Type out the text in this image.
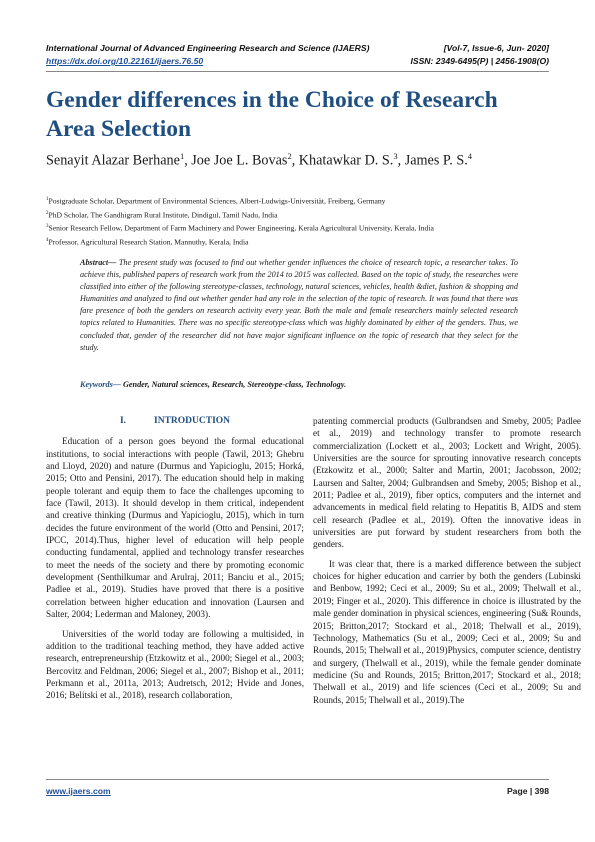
International Journal of Advanced Engineering Research and Science (IJAERS)	[Vol-7, Issue-6, Jun- 2020]
https://dx.doi.org/10.22161/ijaers.76.50	ISSN: 2349-6495(P) | 2456-1908(O)
Gender differences in the Choice of Research Area Selection
Senayit Alazar Berhane$^1$, Joe Joe L. Bovas$^2$, Khatawkar D. S.$^3$, James P. S.$^4$
$^1$Postgraduate Scholar, Department of Environmental Sciences, Albert-Ludwigs-Universität, Freiberg, Germany
$^2$PhD Scholar, The Gandhigram Rural Institute, Dindigul, Tamil Nadu, India
$^3$Senior Research Fellow, Department of Farm Machinery and Power Engineering, Kerala Agricultural University, Kerala, India
$^4$Professor, Agricultural Research Station, Mannuthy, Kerala, India

Abstract— The present study was focused to find out whether gender influences the choice of research topic, a researcher takes. To achieve this, published papers of research work from the 2014 to 2015 was collected. Based on the topic of study, the researches were classified into either of the following stereotype-classes, technology, natural sciences, vehicles, health &diet, fashion & shopping and Humanities and analyzed to find out whether gender had any role in the selection of the topic of research. It was found that there was fare presence of both the genders on research activity every year. Both the male and female researchers mainly selected research topics related to Humanities. There was no specific stereotype-class which was highly dominated by either of the genders. Thus, we concluded that, gender of the researcher did not have major significant influence on the topic of research that they select for the study.

Keywords— Gender, Natural sciences, Research, Stereotype-class, Technology.

I.	INTRODUCTION

Education of a person goes beyond the formal educational institutions, to social interactions with people (Tawil, 2013; Ghebru and Lloyd, 2020) and nature (Durmus and Yapicioglu, 2015; Horká, 2015; Otto and Pensini, 2017). The education should help in making people tolerant and equip them to face the challenges upcoming to face (Tawil, 2013). It should develop in them critical, independent and creative thinking (Durmus and Yapicioglu, 2015), which in turn decides the future environment of the world (Otto and Pensini, 2017; IPCC, 2014).Thus, higher level of education will help people conducting fundamental, applied and technology transfer researches to meet the needs of the society and there by promoting economic development (Senthilkumar and Arulraj, 2011; Banciu et al., 2015; Padlee et al., 2019). Studies have proved that there is a positive correlation between higher education and innovation (Laursen and Salter, 2004; Lederman and Maloney, 2003).

Universities of the world today are following a multisided, in addition to the traditional teaching method, they have added active research, entrepreneurship (Etzkowitz et al., 2000; Siegel et al., 2003; Bercovitz and Feldman, 2006; Siegel et al., 2007; Bishop et al., 2011; Perkmann et al., 2011a, 2013; Audretsch, 2012; Hvide and Jones, 2016; Belitski et al., 2018), research collaboration,

patenting commercial products (Gulbrandsen and Smeby, 2005; Padlee et al., 2019) and technology transfer to promote research commercialization (Lockett et al., 2003; Lockett and Wright, 2005). Universities are the source for sprouting innovative research concepts (Etzkowitz et al., 2000; Salter and Martin, 2001; Jacobsson, 2002; Laursen and Salter, 2004; Gulbrandsen and Smeby, 2005; Bishop et al., 2011; Padlee et al., 2019), fiber optics, computers and the internet and advancements in medical field relating to Hepatitis B, AIDS and stem cell research (Padlee et al., 2019). Often the innovative ideas in universities are put forward by student researchers from both the genders.

It was clear that, there is a marked difference between the subject choices for higher education and carrier by both the genders (Lubinski and Benbow, 1992; Ceci et al., 2009; Su et al., 2009; Thelwall et al., 2019; Finger et al., 2020). This difference in choice is illustrated by the male gender domination in physical sciences, engineering (Su& Rounds, 2015; Britton,2017; Stockard et al., 2018; Thelwall et al., 2019), Technology, Mathematics (Su et al., 2009; Ceci et al., 2009; Su and Rounds, 2015; Thelwall et al., 2019)Physics, computer science, dentistry and surgery, (Thelwall et al., 2019), while the female gender dominate medicine (Su and Rounds, 2015; Britton,2017; Stockard et al., 2018; Thelwall et al., 2019) and life sciences (Ceci et al., 2009; Su and Rounds, 2015; Thelwall et al., 2019).The

www.ijaers.com	Page | 398
